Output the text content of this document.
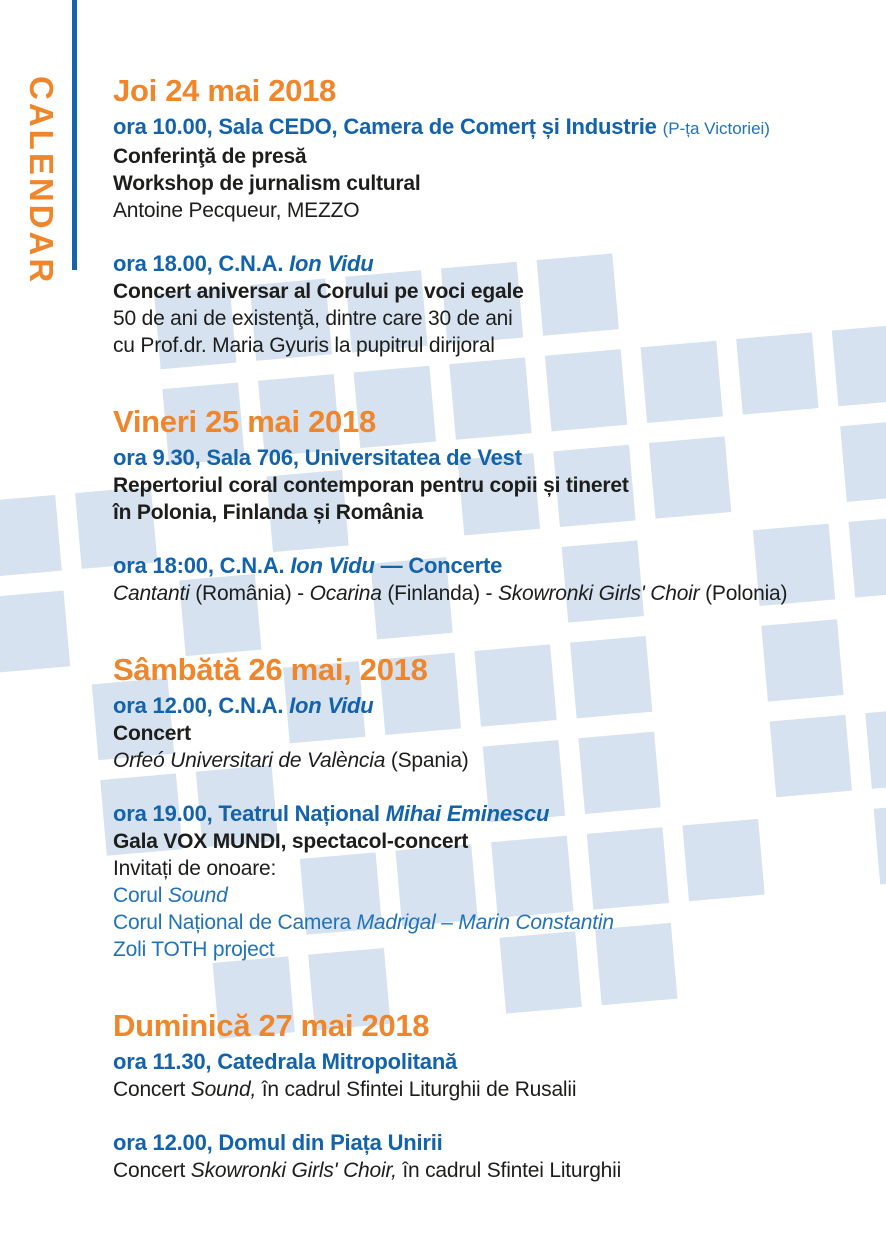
CALENDAR Joi 24 mai 2018

ora 10.00, Sala CEDO, Camera de Comerț și Industrie (P-ța Victoriei)

Conferinţă de presă

Workshop de jurnalism cultural

Antoine Pecqueur, MEZZO

ora 18.00, C.N.A. Ion Vidu

Concert aniversar al Corului pe voci egale

50 de ani de existenţă, dintre care 30 de ani

cu Prof.dr. Maria Gyuris la pupitrul dirijoral

Vineri 25 mai 2018

ora 9.30, Sala 706, Universitatea de Vest

Repertoriul coral contemporan pentru copii și tineret

în Polonia, Finlanda și România

ora 18:00, C.N.A. Ion Vidu — Concerte

Cantanti (România) - Ocarina (Finlanda) - Skowronki Girls' Choir (Polonia)

Sâmbătă 26 mai, 2018

ora 12.00, C.N.A. Ion Vidu

Concert

Orfeó Universitari de València (Spania)

ora 19.00, Teatrul Național Mihai Eminescu

Gala VOX MUNDI, spectacol-concert

Invitați de onoare:

Corul Sound

Corul Național de Camera Madrigal – Marin Constantin

Zoli TOTH project

Duminică 27 mai 2018

ora 11.30, Catedrala Mitropolitană

Concert Sound, în cadrul Sfintei Liturghii de Rusalii

ora 12.00, Domul din Piața Unirii

Concert Skowronki Girls' Choir, în cadrul Sfintei Liturghii
